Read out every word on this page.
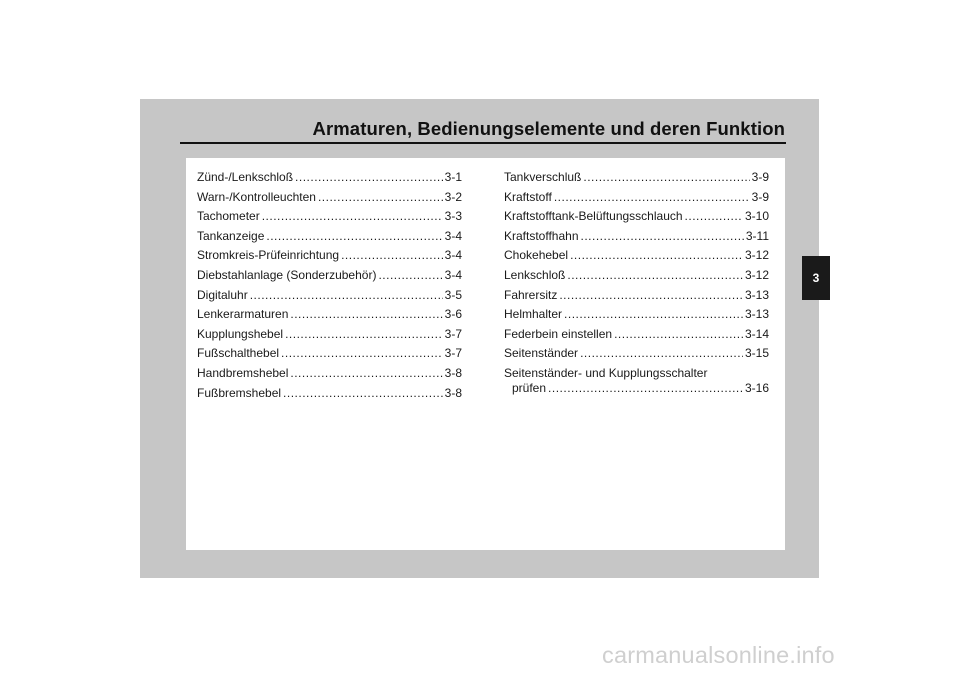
Armaturen, Bedienungselemente und deren Funktion
Zünd-/Lenkschloß .....	3-1
Warn-/Kontrolleuchten .....	3-2
Tachometer .....	3-3
Tankanzeige .....	3-4
Stromkreis-Prüfeinrichtung .....	3-4
Diebstahlanlage (Sonderzubehör) .....	3-4
Digitaluhr .....	3-5
Lenkerarmaturen .....	3-6
Kupplungshebel .....	3-7
Fußschalthebel .....	3-7
Handbremshebel .....	3-8
Fußbremshebel .....	3-8
Tankverschluß .....	3-9
Kraftstoff .....	3-9
Kraftstofftank-Belüftungsschlauch .....	3-10
Kraftstoffhahn .....	3-11
Chokehebel .....	3-12
Lenkschloß .....	3-12
Fahrersitz .....	3-13
Helmhalter .....	3-13
Federbein einstellen .....	3-14
Seitenständer .....	3-15
Seitenständer- und Kupplungsschalter
prüfen .....	3-16
3
carmanualsonline.info
